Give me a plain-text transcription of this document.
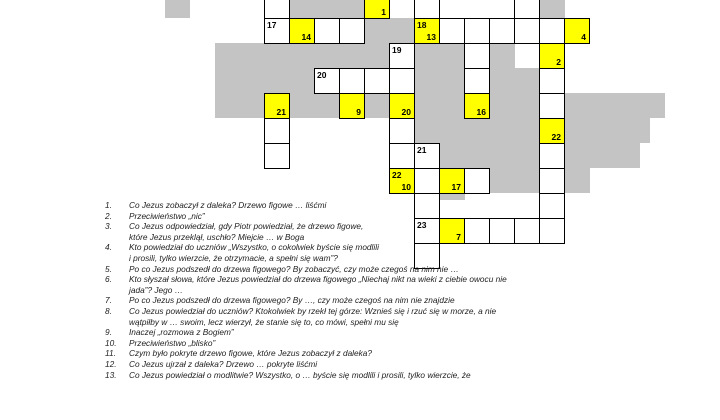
1
17
14
18
13	4
19
2
20
21	9	20	16
22
21
22
10	17
23
7
1. Co Jezus zobaczył z daleka? Drzewo figowe … liśćmi
2. Przeciwieństwo „nic”
3. Co Jezus odpowiedział, gdy Piotr powiedział, że drzewo figowe,
które Jezus przeklął, uschło? Miejcie … w Boga
4. Kto powiedział do uczniów „Wszystko, o cokolwiek byście się modlili
i prosili, tylko wierzcie, że otrzymacie, a spełni się wam”?
5. Po co Jezus podszedł do drzewa figowego? By zobaczyć, czy może czegoś na nim nie …
6. Kto słyszał słowa, które Jezus powiedział do drzewa figowego „Niechaj nikt na wieki z ciebie owocu nie
jada”? Jego …
7. Po co Jezus podszedł do drzewa figowego? By …, czy może czegoś na nim nie znajdzie
8. Co Jezus powiedział do uczniów? Ktokolwiek by rzekł tej górze: Wznieś się i rzuć się w morze, a nie
wątpiłby w … swoim, lecz wierzył, że stanie się to, co mówi, spełni mu się
9. Inaczej „rozmowa z Bogiem”
10. Przeciwieństwo „blisko”
11. Czym było pokryte drzewo figowe, które Jezus zobaczył z daleka?
12. Co Jezus ujrzał z daleka? Drzewo … pokryte liśćmi
13. Co Jezus powiedział o modlitwie? Wszystko, o … byście się modlili i prosili, tylko wierzcie, że
